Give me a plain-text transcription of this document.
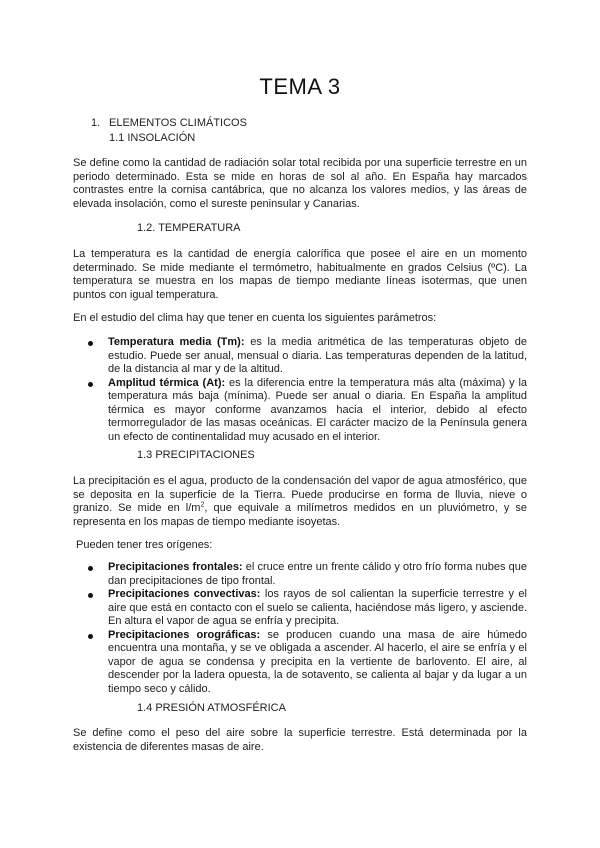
TEMA 3
1. ELEMENTOS CLIMÁTICOS
1.1 INSOLACIÓN
Se define como la cantidad de radiación solar total recibida por una superficie terrestre en un periodo determinado. Esta se mide en horas de sol al año. En España hay marcados contrastes entre la cornisa cantábrica, que no alcanza los valores medios, y las áreas de elevada insolación, como el sureste peninsular y Canarias.
1.2. TEMPERATURA
La temperatura es la cantidad de energía calorífica que posee el aire en un momento determinado. Se mide mediante el termómetro, habitualmente en grados Celsius (ºC). La temperatura se muestra en los mapas de tiempo mediante líneas isotermas, que unen puntos con igual temperatura.
En el estudio del clima hay que tener en cuenta los siguientes parámetros:
Temperatura media (Tm): es la media aritmética de las temperaturas objeto de estudio. Puede ser anual, mensual o diaria. Las temperaturas dependen de la latitud, de la distancia al mar y de la altitud.
Amplitud térmica (At): es la diferencia entre la temperatura más alta (máxima) y la temperatura más baja (mínima). Puede ser anual o diaria. En España la amplitud térmica es mayor conforme avanzamos hacia el interior, debido al efecto termorregulador de las masas oceánicas. El carácter macizo de la Península genera un efecto de continentalidad muy acusado en el interior.
1.3 PRECIPITACIONES
La precipitación es el agua, producto de la condensación del vapor de agua atmosférico, que se deposita en la superficie de la Tierra. Puede producirse en forma de lluvia, nieve o granizo. Se mide en $l/m^2$, que equivale a milímetros medidos en un pluviómetro, y se representa en los mapas de tiempo mediante isoyetas.
Pueden tener tres orígenes:
Precipitaciones frontales: el cruce entre un frente cálido y otro frío forma nubes que dan precipitaciones de tipo frontal.
Precipitaciones convectivas: los rayos de sol calientan la superficie terrestre y el aire que está en contacto con el suelo se calienta, haciéndose más ligero, y asciende. En altura el vapor de agua se enfría y precipita.
Precipitaciones orográficas: se producen cuando una masa de aire húmedo encuentra una montaña, y se ve obligada a ascender. Al hacerlo, el aire se enfría y el vapor de agua se condensa y precipita en la vertiente de barlovento. El aire, al descender por la ladera opuesta, la de sotavento, se calienta al bajar y da lugar a un tiempo seco y cálido.
1.4 PRESIÓN ATMOSFÉRICA
Se define como el peso del aire sobre la superficie terrestre. Está determinada por la existencia de diferentes masas de aire.
